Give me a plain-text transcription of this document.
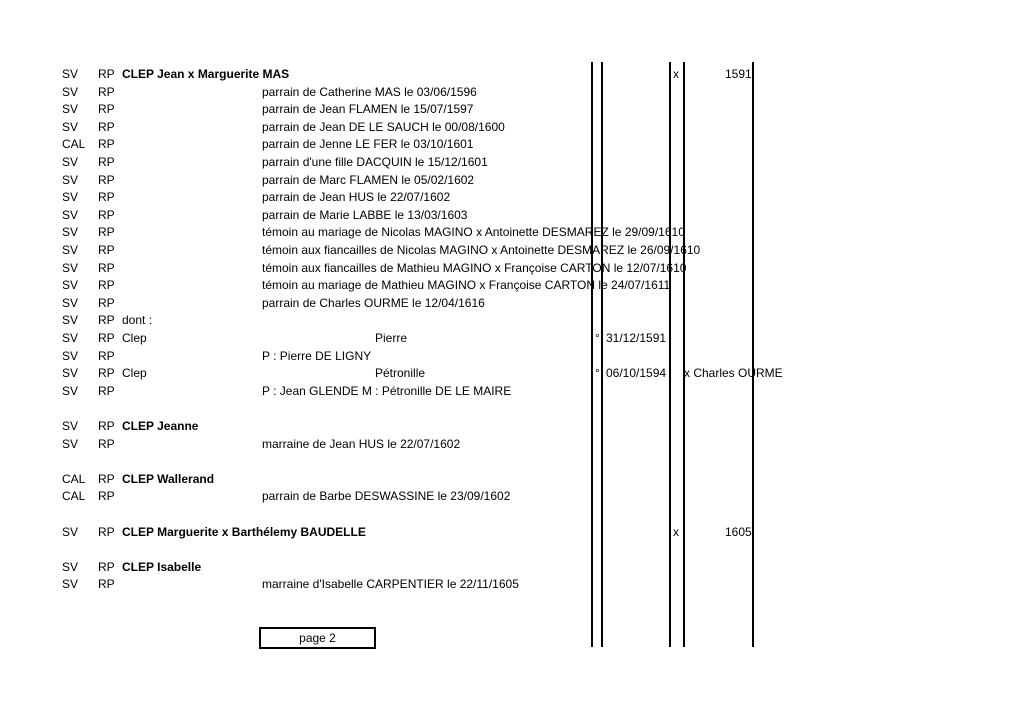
SV RP CLEP Jean x Marguerite MAS	x	1591
SV RP	parrain de Catherine MAS le 03/06/1596
SV RP	parrain de Jean FLAMEN le 15/07/1597
SV RP	parrain de Jean DE LE SAUCH le 00/08/1600
CAL RP	parrain de Jenne LE FER le 03/10/1601
SV RP	parrain d'une fille DACQUIN le 15/12/1601
SV RP	parrain de Marc FLAMEN le 05/02/1602
SV RP	parrain de Jean HUS le 22/07/1602
SV RP	parrain de Marie LABBE le 13/03/1603
SV RP	témoin au mariage de Nicolas MAGINO x Antoinette DESMAREZ le 29/09/1610
SV RP	témoin aux fiancailles de Nicolas MAGINO x Antoinette DESMAREZ le 26/09/1610
SV RP	témoin aux fiancailles de Mathieu MAGINO x Françoise CARTON le 12/07/1610
SV RP	témoin au mariage de Mathieu MAGINO x Françoise CARTON le 24/07/1611
SV RP	parrain de Charles OURME le 12/04/1616
SV RP dont :
SV RP Clep	Pierre	° 31/12/1591
SV RP	P : Pierre DE LIGNY
SV RP Clep	Pétronille	° 06/10/1594 x Charles OURME
SV RP	P : Jean GLENDE M : Pétronille DE LE MAIRE
SV RP CLEP Jeanne
SV RP	marraine de Jean HUS le 22/07/1602
CAL RP CLEP Wallerand
CAL RP	parrain de Barbe DESWASSINE le 23/09/1602
SV RP CLEP Marguerite x Barthélemy BAUDELLE	x	1605
SV RP CLEP Isabelle
SV RP	marraine d'Isabelle CARPENTIER le 22/11/1605
page 2
